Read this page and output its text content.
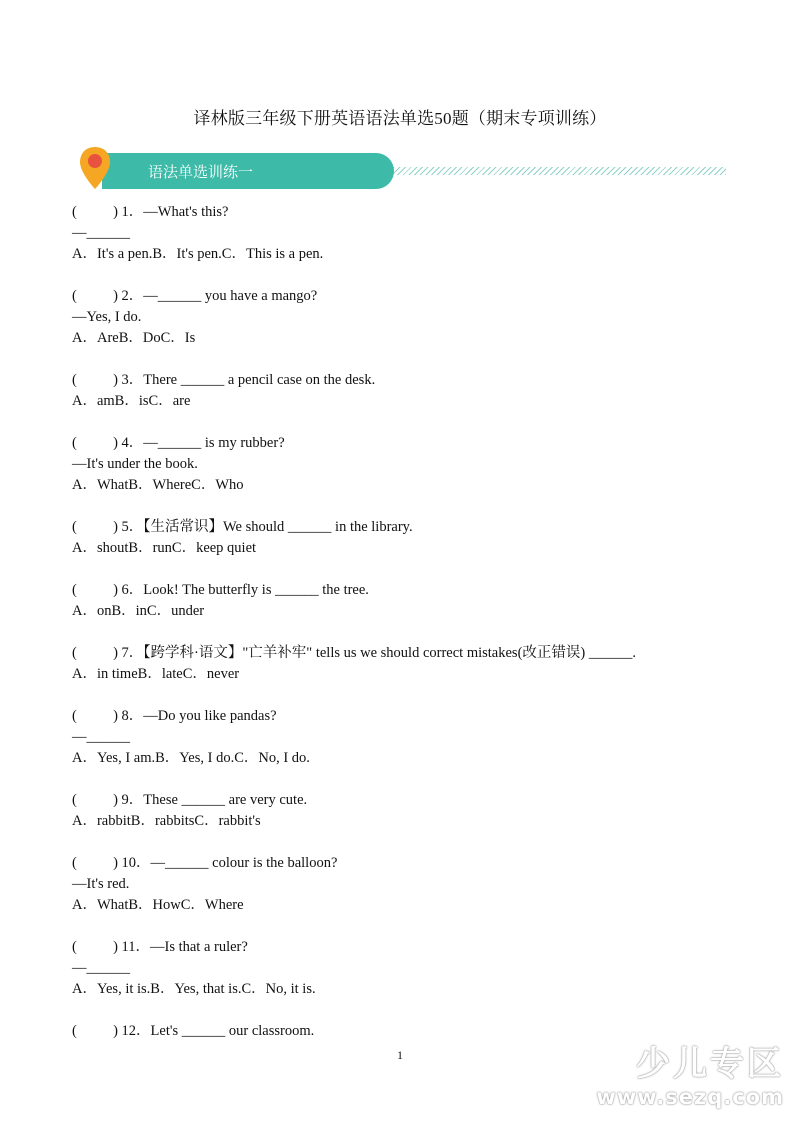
译林版三年级下册英语语法单选50题（期末专项训练）
语法单选训练一
(          ) 1．—What's this?
—______
A．It's a pen.B．It's pen.C．This is a pen.
(          ) 2．—______ you have a mango?
—Yes, I do.
A．AreB．DoC．Is
(          ) 3．There ______ a pencil case on the desk.
A．amB．isC．are
(          ) 4．—______ is my rubber?
—It's under the book.
A．WhatB．WhereC．Who
(          ) 5．【生活常识】We should ______ in the library.
A．shoutB．runC．keep quiet
(          ) 6．Look! The butterfly is ______ the tree.
A．onB．inC．under
(          ) 7．【跨学科·语文】"亡羊补牢" tells us we should correct mistakes(改正错误) ______.
A．in timeB．lateC．never
(          ) 8．—Do you like pandas?
—______
A．Yes, I am.B．Yes, I do.C．No, I do.
(          ) 9．These ______ are very cute.
A．rabbitB．rabbitsC．rabbit's
(          ) 10．—______ colour is the balloon?
—It's red.
A．WhatB．HowC．Where
(          ) 11．—Is that a ruler?
—______
A．Yes, it is.B．Yes, that is.C．No, it is.
(          ) 12．Let's ______ our classroom.
1	少儿专区
www.sezq.com
